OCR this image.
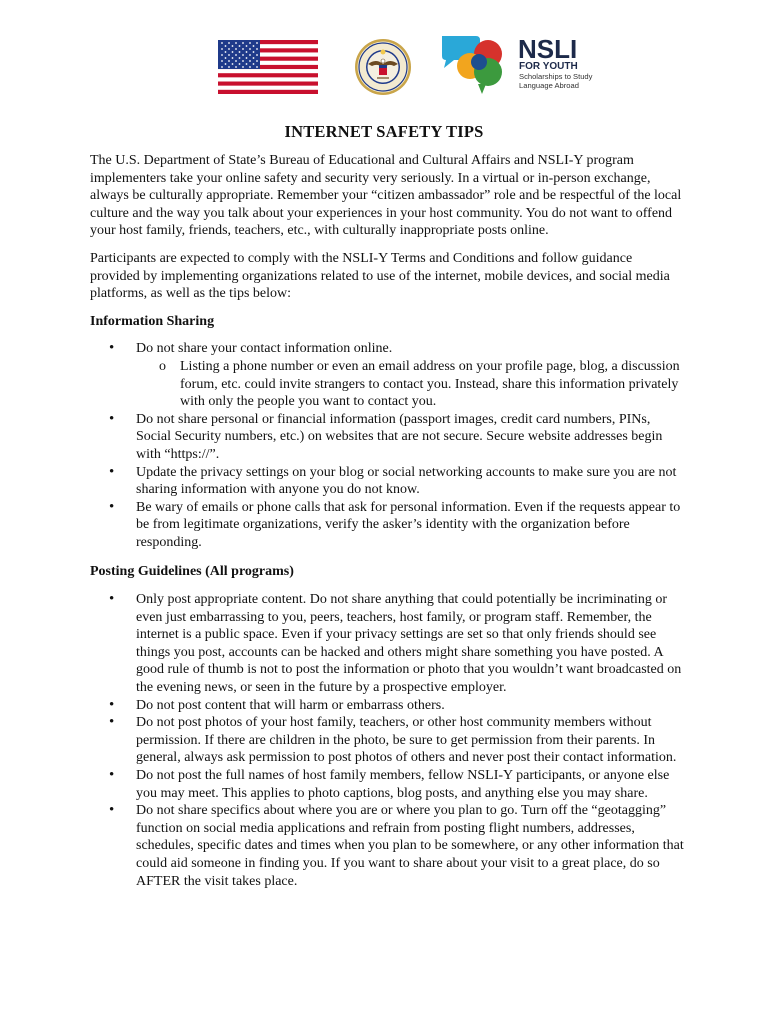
NSLI
FOR YOUTH
Scholarships to Study
Language Abroad
INTERNET SAFETY TIPS

The U.S. Department of State’s Bureau of Educational and Cultural Affairs and NSLI-Y program implementers take your online safety and security very seriously. In a virtual or in-person exchange, always be culturally appropriate. Remember your “citizen ambassador” role and be respectful of the local culture and the way you talk about your experiences in your host community. You do not want to offend your host family, friends, teachers, etc., with culturally inappropriate posts online.

Participants are expected to comply with the NSLI-Y Terms and Conditions and follow guidance provided by implementing organizations related to use of the internet, mobile devices, and social media platforms, as well as the tips below:

Information Sharing
• Do not share your contact information online.
o Listing a phone number or even an email address on your profile page, blog, a discussion forum, etc. could invite strangers to contact you. Instead, share this information privately with only the people you want to contact you.
• Do not share personal or financial information (passport images, credit card numbers, PINs, Social Security numbers, etc.) on websites that are not secure. Secure website addresses begin with “https://”.
• Update the privacy settings on your blog or social networking accounts to make sure you are not sharing information with anyone you do not know.
• Be wary of emails or phone calls that ask for personal information. Even if the requests appear to be from legitimate organizations, verify the asker’s identity with the organization before responding.
Posting Guidelines (All programs)
• Only post appropriate content. Do not share anything that could potentially be incriminating or even just embarrassing to you, peers, teachers, host family, or program staff. Remember, the internet is a public space. Even if your privacy settings are set so that only friends should see things you post, accounts can be hacked and others might share something you have posted. A good rule of thumb is not to post the information or photo that you wouldn’t want broadcasted on the evening news, or seen in the future by a prospective employer.
• Do not post content that will harm or embarrass others.
• Do not post photos of your host family, teachers, or other host community members without permission. If there are children in the photo, be sure to get permission from their parents. In general, always ask permission to post photos of others and never post their contact information.
• Do not post the full names of host family members, fellow NSLI-Y participants, or anyone else you may meet. This applies to photo captions, blog posts, and anything else you may share.
• Do not share specifics about where you are or where you plan to go. Turn off the “geotagging” function on social media applications and refrain from posting flight numbers, addresses, schedules, specific dates and times when you plan to be somewhere, or any other information that could aid someone in finding you. If you want to share about your visit to a great place, do so AFTER the visit takes place.
